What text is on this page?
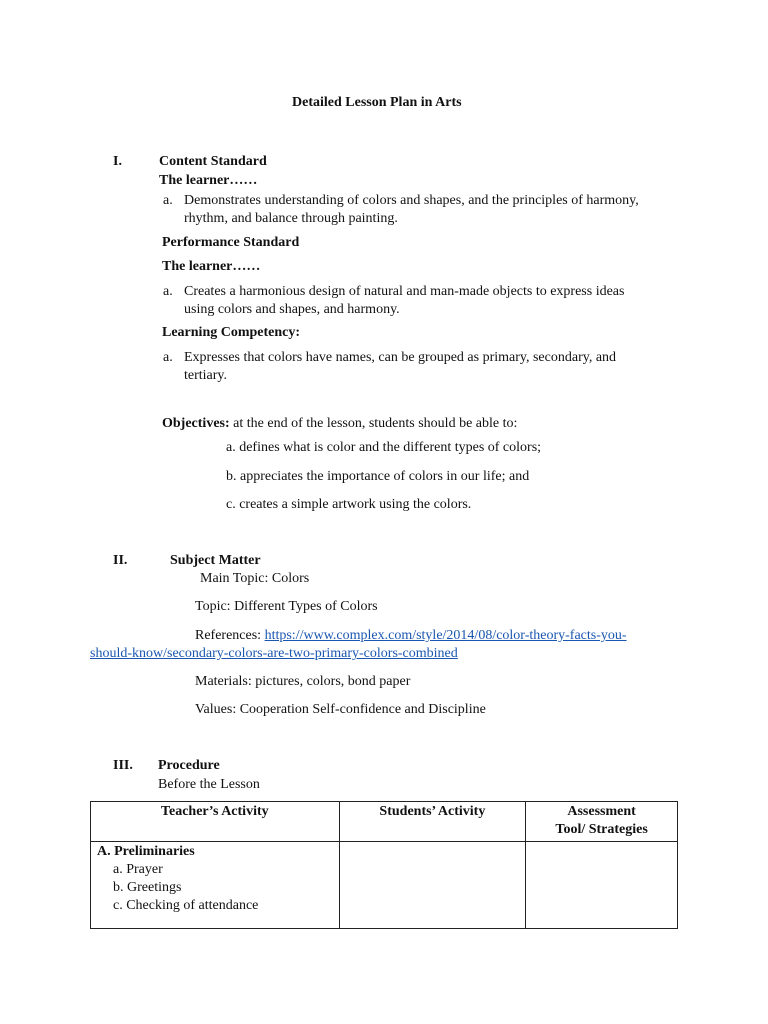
Detailed Lesson Plan in Arts
I.	Content Standard
The learner……
a. Demonstrates understanding of colors and shapes, and the principles of harmony,
rhythm, and balance through painting.
Performance Standard
The learner……
a. Creates a harmonious design of natural and man-made objects to express ideas
using colors and shapes, and harmony.
Learning Competency:
a. Expresses that colors have names, can be grouped as primary, secondary, and
tertiary.
Objectives: at the end of the lesson, students should be able to:
a. defines what is color and the different types of colors;
b. appreciates the importance of colors in our life; and
c. creates a simple artwork using the colors.
II.	Subject Matter
Main Topic: Colors
Topic: Different Types of Colors
References: https://www.complex.com/style/2014/08/color-theory-facts-you-
should-know/secondary-colors-are-two-primary-colors-combined
Materials: pictures, colors, bond paper
Values: Cooperation Self-confidence and Discipline
III. Procedure
Before the Lesson
Teacher’s Activity	Students’ Activity	Assessment
Tool/ Strategies

A. Preliminaries
a. Prayer
b. Greetings
c. Checking of attendance		
